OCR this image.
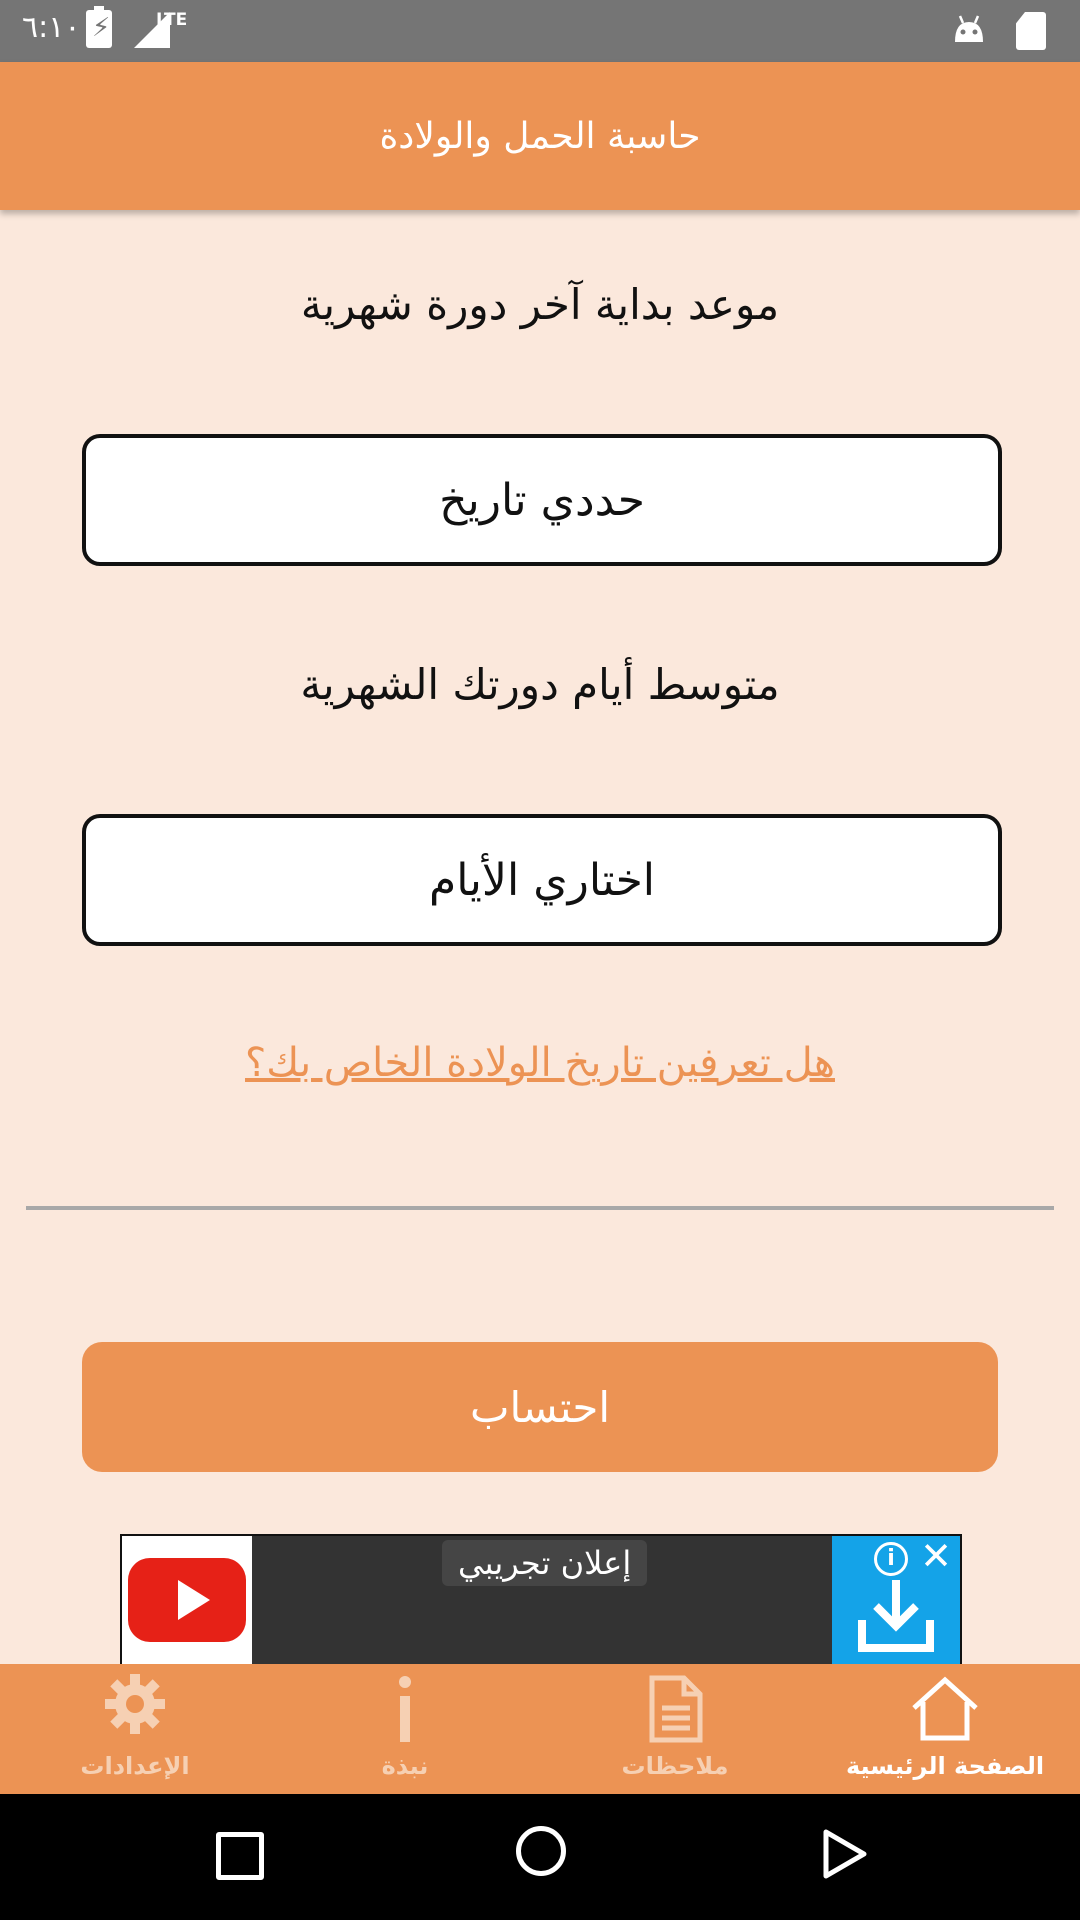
٦:١٠ ⚡	LTE
حاسبة الحمل والولادة
موعد بداية آخر دورة شهرية
حددي تاريخ
متوسط أيام دورتك الشهرية
اختاري الأيام
هل تعرفين تاريخ الولادة الخاص بك؟
احتساب
إعلان تجريبي	i ✕
الصفحة الرئيسية
ملاحظات
نبذة
الإعدادات
